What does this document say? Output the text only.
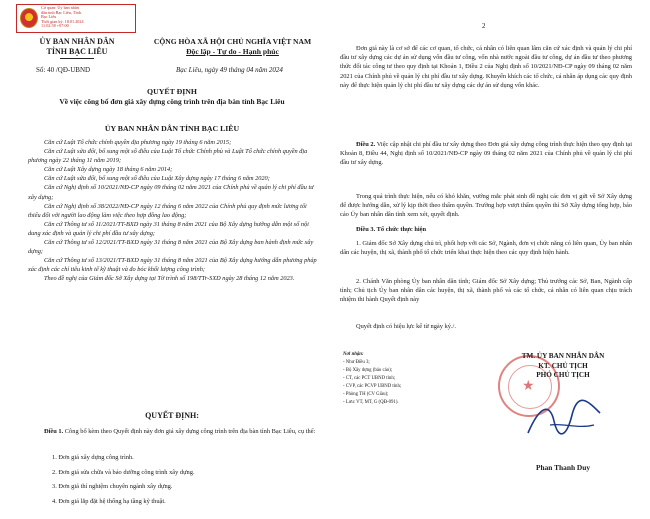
Cơ quan: Ủy ban nhân
dân tỉnh Bạc Liêu, Tỉnh
Bạc Liêu
Thời gian ký: 18.01.2024
11:02:58 +07:00
ỦY BAN NHÂN DÂN
TỈNH BẠC LIÊU
CỘNG HÒA XÃ HỘI CHỦ NGHĨA VIỆT NAM
Độc lập - Tự do - Hạnh phúc
Số: 40 /QĐ-UBND	Bạc Liêu, ngày 49 tháng 04 năm 2024
QUYẾT ĐỊNH
Về việc công bố đơn giá xây dựng công trình trên địa bàn tỉnh Bạc Liêu
ỦY BAN NHÂN DÂN TỈNH BẠC LIÊU

Căn cứ Luật Tổ chức chính quyền địa phương ngày 19 tháng 6 năm 2015;

Căn cứ Luật sửa đổi, bổ sung một số điều của Luật Tổ chức Chính phủ và Luật Tổ chức chính quyền địa phương ngày 22 tháng 11 năm 2019;

Căn cứ Luật Xây dựng ngày 18 tháng 6 năm 2014;

Căn cứ Luật sửa đổi, bổ sung một số điều của Luật Xây dựng ngày 17 tháng 6 năm 2020;

Căn cứ Nghị định số 10/2021/NĐ-CP ngày 09 tháng 02 năm 2021 của Chính phủ về quản lý chi phí đầu tư xây dựng;

Căn cứ Nghị định số 38/2022/NĐ-CP ngày 12 tháng 6 năm 2022 của Chính phủ quy định mức lương tối thiểu đối với người lao động làm việc theo hợp đồng lao động;

Căn cứ Thông tư số 11/2021/TT-BXD ngày 31 tháng 8 năm 2021 của Bộ Xây dựng hướng dẫn một số nội dung xác định và quản lý chi phí đầu tư xây dựng;

Căn cứ Thông tư số 12/2021/TT-BXD ngày 31 tháng 8 năm 2021 của Bộ Xây dựng ban hành định mức xây dựng;

Căn cứ Thông tư số 13/2021/TT-BXD ngày 31 tháng 8 năm 2021 của Bộ Xây dựng hướng dẫn phương pháp xác định các chỉ tiêu kinh tế kỹ thuật và đo bóc khối lượng công trình;

Theo đề nghị của Giám đốc Sở Xây dựng tại Tờ trình số 198/TTr-SXD ngày 28 tháng 12 năm 2023.

QUYẾT ĐỊNH:

Điều 1. Công bố kèm theo Quyết định này đơn giá xây dựng công trình trên địa bàn tỉnh Bạc Liêu, cụ thể:

1. Đơn giá xây dựng công trình.
2. Đơn giá sửa chữa và bảo dưỡng công trình xây dựng.
3. Đơn giá thí nghiệm chuyên ngành xây dựng.
4. Đơn giá lắp đặt hệ thống hạ tầng kỹ thuật.
2

Đơn giá này là cơ sở để các cơ quan, tổ chức, cá nhân có liên quan lâm căn cứ xác định và quản lý chi phí đầu tư xây dựng các dự án sử dụng vốn đầu tư công, vốn nhà nước ngoài đầu tư công, dự án đầu tư theo phương thức đối tác công tư theo quy định tại Khoản 1, Điều 2 của Nghị định số 10/2021/NĐ-CP ngày 09 tháng 02 năm 2021 của Chính phủ về quản lý chi phí đầu tư xây dựng. Khuyến khích các tổ chức, cá nhân áp dụng các quy định này để thực hiện quản lý chi phí đầu tư xây dựng các dự án sử dụng vốn khác.

Điều 2. Việc cập nhật chi phí đầu tư xây dựng theo Đơn giá xây dựng công trình thực hiện theo quy định tại Khoản 8, Điều 44, Nghị định số 10/2021/NĐ-CP ngày 09 tháng 02 năm 2021 của Chính phủ về quản lý chi phí đầu tư xây dựng.

Trong quá trình thực hiện, nếu có khó khăn, vướng mắc phát sinh đề nghị các đơn vị gửi về Sở Xây dựng để được hướng dẫn, xử lý kịp thời theo thẩm quyền. Trường hợp vượt thẩm quyền thì Sở Xây dựng tổng hợp, báo cáo Ủy ban nhân dân tỉnh xem xét, quyết định.

Điều 3. Tổ chức thực hiện

1. Giám đốc Sở Xây dựng chủ trì, phối hợp với các Sở, Ngành, đơn vị chức năng có liên quan, Ủy ban nhân dân các huyện, thị xã, thành phố tổ chức triển khai thực hiện theo các quy định hiện hành.

2. Chánh Văn phòng Ủy ban nhân dân tỉnh; Giám đốc Sở Xây dựng; Thủ trưởng các Sở, Ban, Ngành cấp tỉnh; Chủ tịch Ủy ban nhân dân các huyện, thị xã, thành phố và các tổ chức, cá nhân có liên quan chịu trách nhiệm thi hành Quyết định này

Quyết định có hiệu lực kể từ ngày ký./.

Nơi nhận:
- Như Điều 3;
- Bộ Xây dựng (báo cáo);
- CT, các PCT UBND tỉnh;
- CVP, các PCVP UBND tỉnh;
- Phòng TH (CV Giàu);
- Lưu: VT, MT, G (QĐ-091).
★
TM. ỦY BAN NHÂN DÂN
KT. CHỦ TỊCH
PHÓ CHỦ TỊCH
Phan Thanh Duy
